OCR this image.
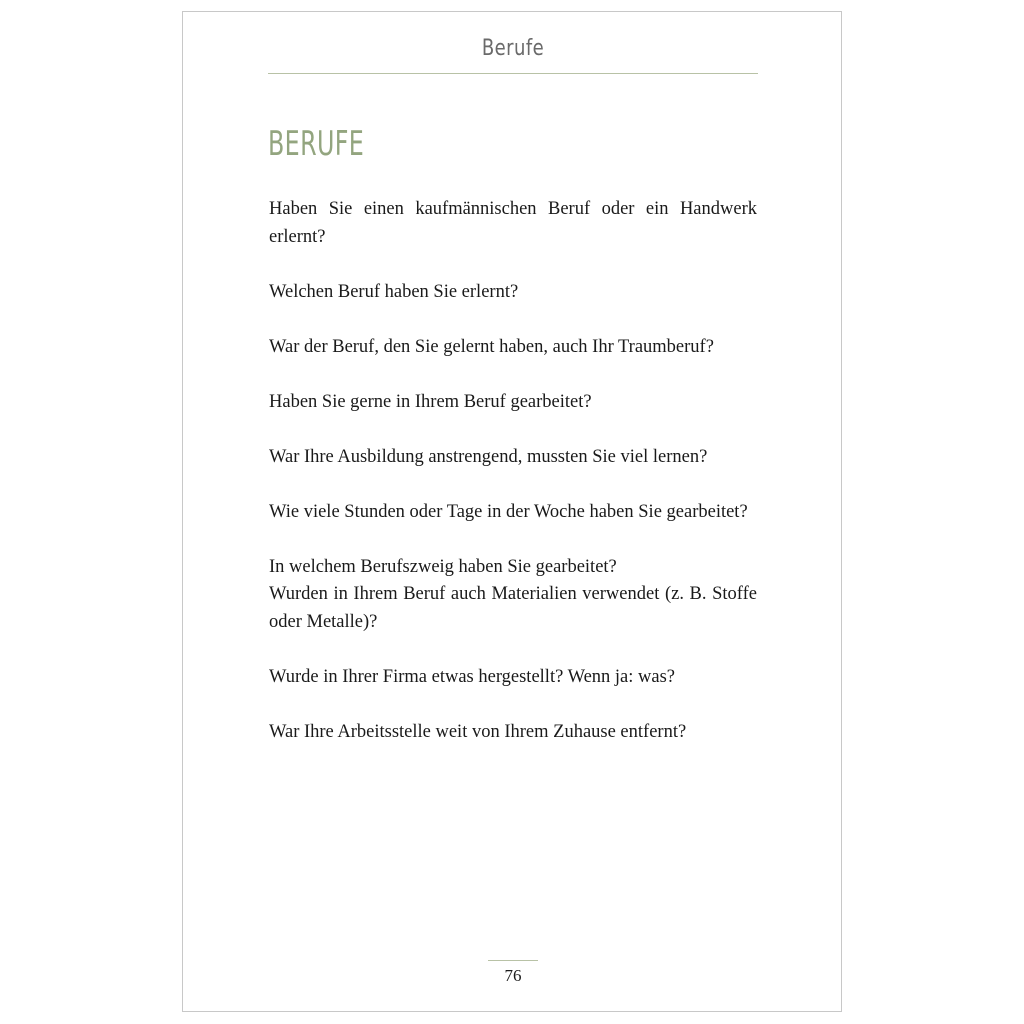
Berufe
BERUFE

Haben Sie einen kaufmännischen Beruf oder ein Handwerk erlernt?

Welchen Beruf haben Sie erlernt?

War der Beruf, den Sie gelernt haben, auch Ihr Traumberuf?

Haben Sie gerne in Ihrem Beruf gearbeitet?

War Ihre Ausbildung anstrengend, mussten Sie viel lernen?

Wie viele Stunden oder Tage in der Woche haben Sie gearbeitet?

In welchem Berufszweig haben Sie gearbeitet?

Wurden in Ihrem Beruf auch Materialien verwendet (z. B. Stoffe oder Metalle)?

Wurde in Ihrer Firma etwas hergestellt? Wenn ja: was?

War Ihre Arbeitsstelle weit von Ihrem Zuhause entfernt?

76
